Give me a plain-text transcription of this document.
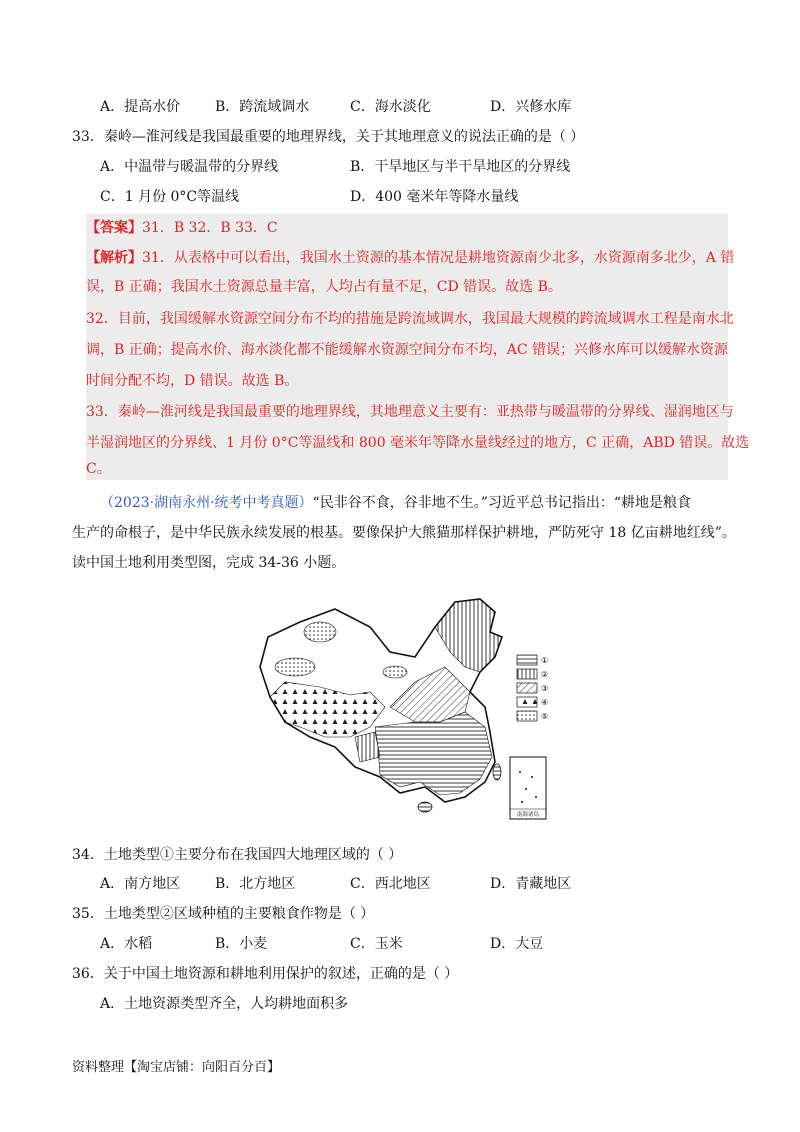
A．提高水价 B．跨流域调水	C．海水淡化	D．兴修水库
33．秦岭—淮河线是我国最重要的地理界线，关于其地理意义的说法正确的是（ ）
A．中温带与暖温带的分界线	B．干旱地区与半干旱地区的分界线
C．1 月份 0°C等温线	D．400 毫米年等降水量线
【答案】31．B 32．B 33．C
【解析】31．从表格中可以看出，我国水土资源的基本情况是耕地资源南少北多，水资源南多北少，A 错
误，B 正确；我国水土资源总量丰富，人均占有量不足，CD 错误。故选 B。
32．目前，我国缓解水资源空间分布不均的措施是跨流域调水，我国最大规模的跨流域调水工程是南水北
调，B 正确；提高水价、海水淡化都不能缓解水资源空间分布不均，AC 错误；兴修水库可以缓解水资源
时间分配不均，D 错误。故选 B。
33．秦岭—淮河线是我国最重要的地理界线，其地理意义主要有：亚热带与暖温带的分界线、湿润地区与
半湿润地区的分界线、1 月份 0°C等温线和 800 毫米年等降水量线经过的地方，C 正确，ABD 错误。故选
C。
（2023·湖南永州·统考中考真题）“民非谷不食，谷非地不生。”习近平总书记指出：“耕地是粮食
生产的命根子，是中华民族永续发展的根基。要像保护大熊猫那样保护耕地，严防死守 18 亿亩耕地红线”。
读中国土地利用类型图，完成 34-36 小题。
①
②
③
④
⑤
南海诸岛
34．土地类型①主要分布在我国四大地理区域的（ ）
A．南方地区 B．北方地区	C．西北地区	D．青藏地区
35．土地类型②区域种植的主要粮食作物是（ ）
A．水稻	B．小麦	C．玉米	D．大豆
36．关于中国土地资源和耕地利用保护的叙述，正确的是（ ）
A．土地资源类型齐全，人均耕地面积多
资料整理【淘宝店铺：向阳百分百】
